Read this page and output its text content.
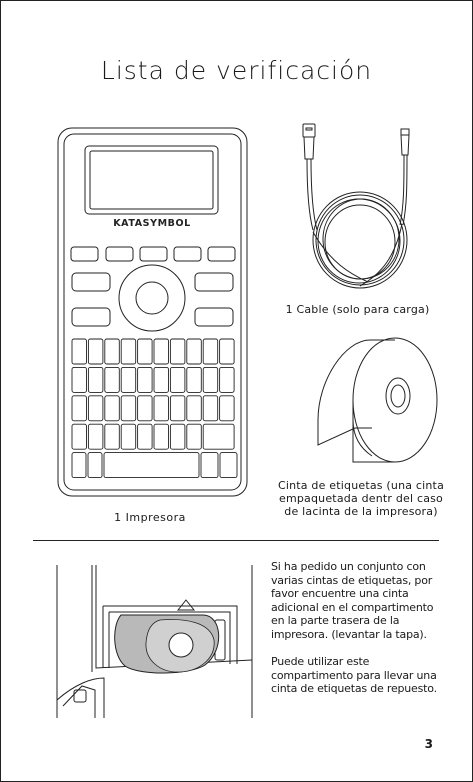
Lista de verificación
KATASYMBOL
1 Cable (solo para carga)
Cinta de etiquetas (una cinta
empaquetada dentr del caso
de lacinta de la impresora)
1 Impresora
Si ha pedido un conjunto con
varias cintas de etiquetas, por
favor encuentre una cinta
adicional en el compartimento
en la parte trasera de la
impresora. (levantar la tapa).
Puede utilizar este
compartimento para llevar una
cinta de etiquetas de repuesto.
3
